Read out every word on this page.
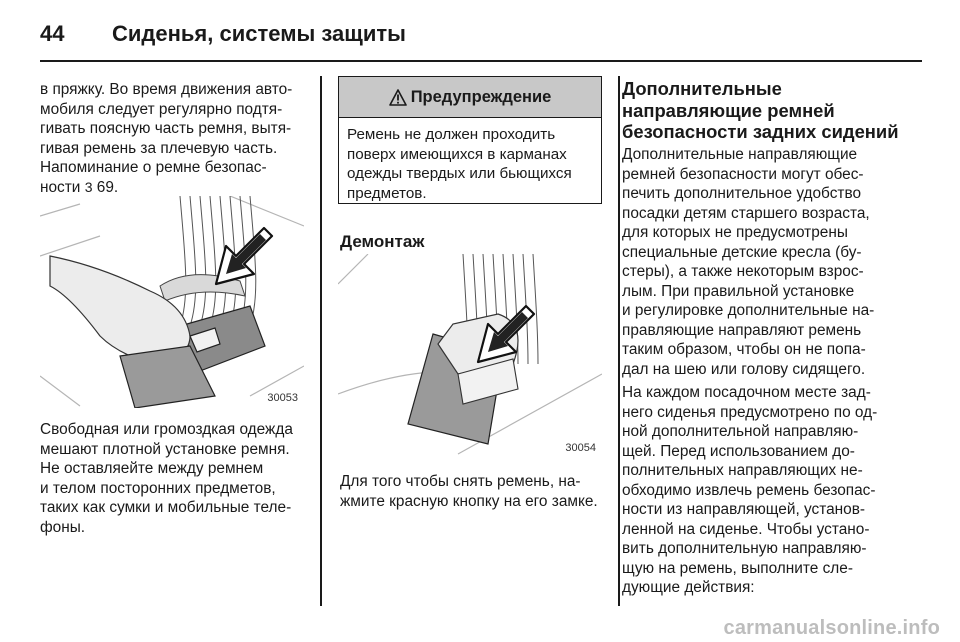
44	Сиденья, системы защиты

в пряжку. Во время движения авто-
мобиля следует регулярно подтя-
гивать поясную часть ремня, вытя-
гивая ремень за плечевую часть.
Напоминание о ремне безопас-
ности 3 69.

30053

Свободная или громоздкая одежда
мешают плотной установке ремня.
Не оставляейте между ремнем
и телом посторонних предметов,
таких как сумки и мобильные теле-
фоны.

Предупреждение
Ремень не должен проходить
поверх имеющихся в карманах
одежды твердых или бьющихся
предметов.
Демонтаж
30054

Для того чтобы снять ремень, на-
жмите красную кнопку на его замке.

Дополнительные
направляющие ремней
безопасности задних сидений

Дополнительные направляющие
ремней безопасности могут обес-
печить дополнительное удобство
посадки детям старшего возраста,
для которых не предусмотрены
специальные детские кресла (бу-
стеры), а также некоторым взрос-
лым. При правильной установке
и регулировке дополнительные на-
правляющие направляют ремень
таким образом, чтобы он не попа-
дал на шею или голову сидящего.

На каждом посадочном месте зад-
него сиденья предусмотрено по од-
ной дополнительной направляю-
щей. Перед использованием до-
полнительных направляющих не-
обходимо извлечь ремень безопас-
ности из направляющей, установ-
ленной на сиденье. Чтобы устано-
вить дополнительную направляю-
щую на ремень, выполните сле-
дующие действия:

carmanualsonline.info
